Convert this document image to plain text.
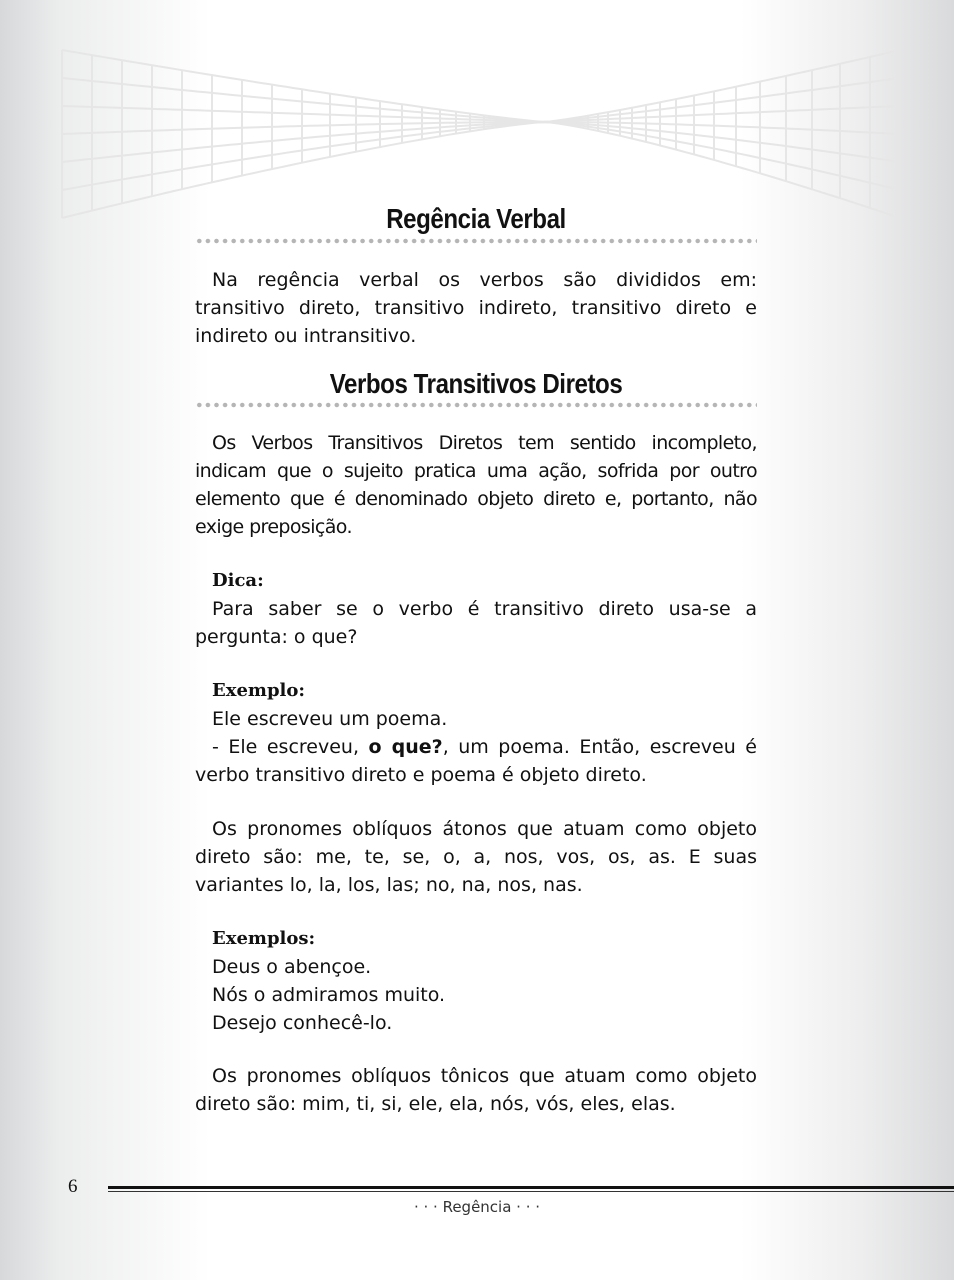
Regência Verbal

Na regência verbal os verbos são divididos em: transitivo direto, transitivo indireto, transitivo direto e indireto ou intransitivo.

Verbos Transitivos Diretos

Os Verbos Transitivos Diretos tem sentido incompleto, indicam que o sujeito pratica uma ação, sofrida por outro elemento que é denominado objeto direto e, portanto, não exige preposição.

Dica:

Para saber se o verbo é transitivo direto usa-se a pergunta: o que?

Exemplo:

Ele escreveu um poema.

- Ele escreveu, o que?, um poema. Então, escreveu é verbo transitivo direto e poema é objeto direto.

Os pronomes oblíquos átonos que atuam como objeto direto são: me, te, se, o, a, nos, vos, os, as. E suas variantes lo, la, los, las; no, na, nos, nas.

Exemplos:

Deus o abençoe.

Nós o admiramos muito.

Desejo conhecê-lo.

Os pronomes oblíquos tônicos que atuam como objeto direto são: mim, ti, si, ele, ela, nós, vós, eles, elas.

6
· · · Regência · · ·
